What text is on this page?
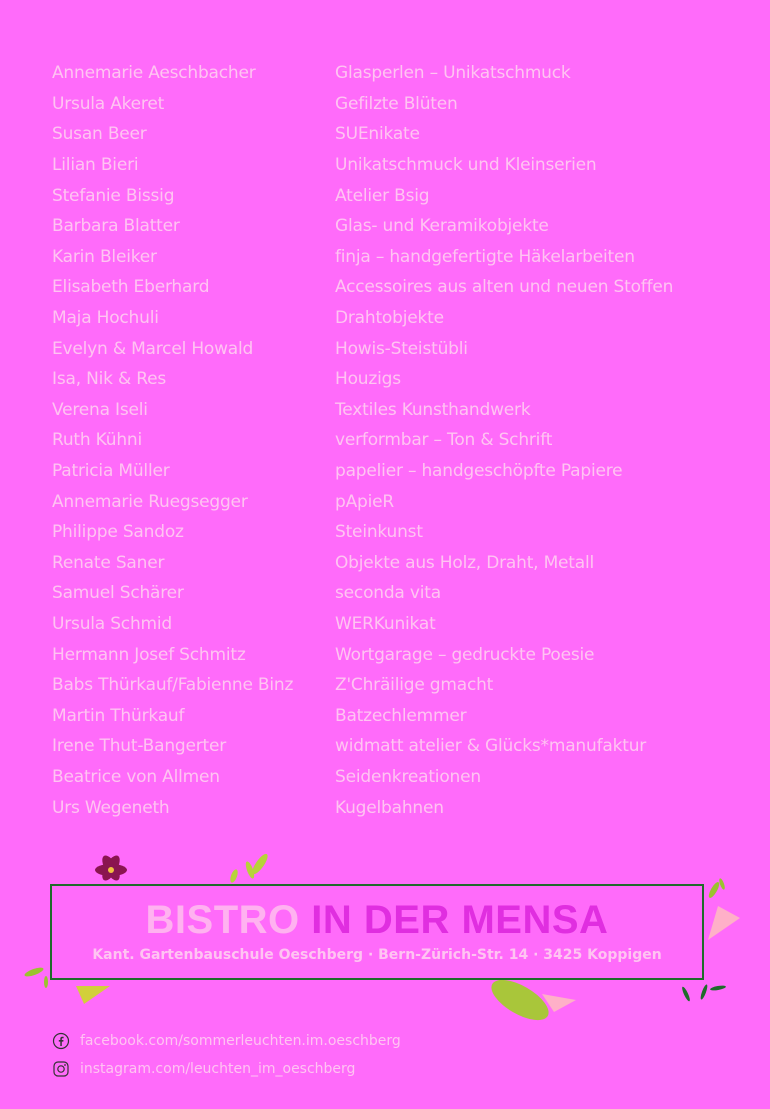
Annemarie Aeschbacher	Glasperlen – Unikatschmuck
Ursula Akeret	Gefilzte Blüten
Susan Beer	SUEnikate
Lilian Bieri	Unikatschmuck und Kleinserien
Stefanie Bissig	Atelier Bsig
Barbara Blatter	Glas- und Keramikobjekte
Karin Bleiker	finja – handgefertigte Häkelarbeiten
Elisabeth Eberhard	Accessoires aus alten und neuen Stoffen
Maja Hochuli	Drahtobjekte
Evelyn & Marcel Howald	Howis-Steistübli
Isa, Nik & Res	Houzigs
Verena Iseli	Textiles Kunsthandwerk
Ruth Kühni	verformbar – Ton & Schrift
Patricia Müller	papelier – handgeschöpfte Papiere
Annemarie Ruegsegger	pApieR
Philippe Sandoz	Steinkunst
Renate Saner	Objekte aus Holz, Draht, Metall
Samuel Schärer	seconda vita
Ursula Schmid	WERKunikat
Hermann Josef Schmitz	Wortgarage – gedruckte Poesie
Babs Thürkauf/Fabienne Binz	Z'Chräilige gmacht
Martin Thürkauf	Batzechlemmer
Irene Thut-Bangerter	widmatt atelier & Glücks*manufaktur
Beatrice von Allmen	Seidenkreationen
Urs Wegeneth	Kugelbahnen
BISTRO IN DER MENSA
Kant. Gartenbauschule Oeschberg · Bern-Zürich-Str. 14 · 3425 Koppigen
facebook.com/sommerleuchten.im.oeschberg
instagram.com/leuchten_im_oeschberg
